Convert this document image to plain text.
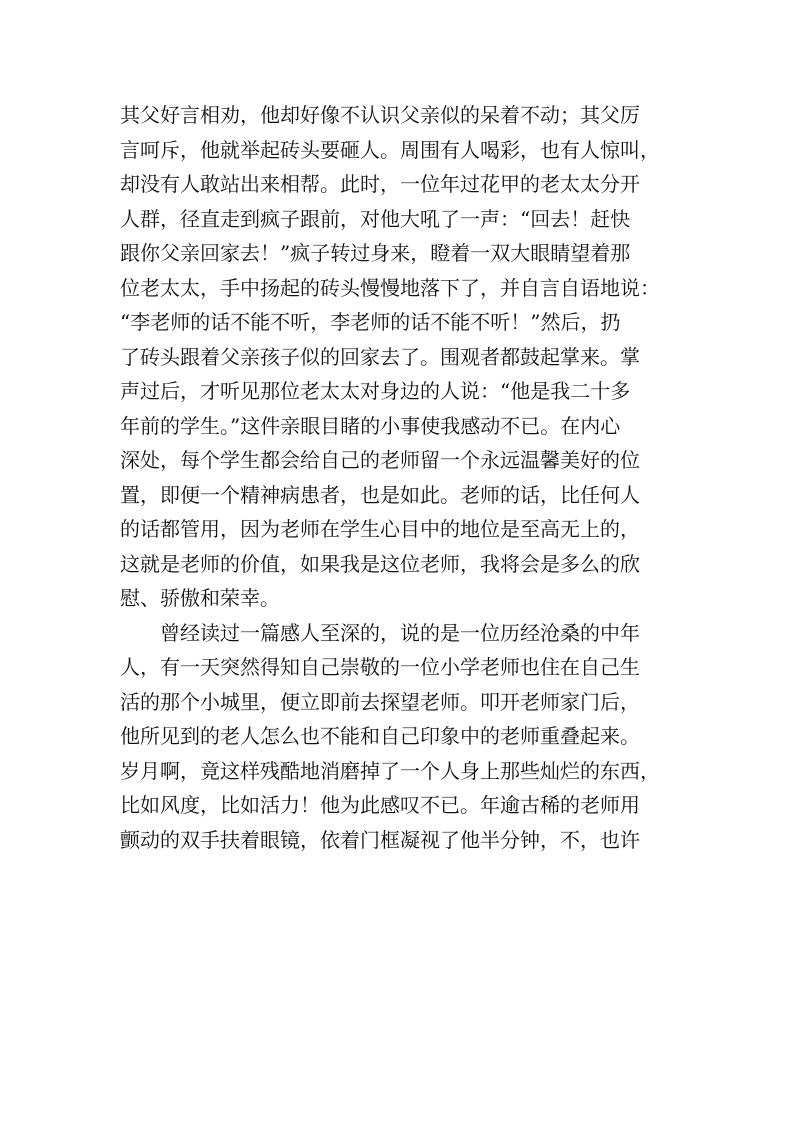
其父好言相劝，他却好像不认识父亲似的呆着不动；其父厉
言呵斥，他就举起砖头要砸人。周围有人喝彩，也有人惊叫，
却没有人敢站出来相帮。此时，一位年过花甲的老太太分开
人群，径直走到疯子跟前，对他大吼了一声：“回去！赶快
跟你父亲回家去！”疯子转过身来，瞪着一双大眼睛望着那
位老太太，手中扬起的砖头慢慢地落下了，并自言自语地说：
“李老师的话不能不听，李老师的话不能不听！”然后，扔
了砖头跟着父亲孩子似的回家去了。围观者都鼓起掌来。掌
声过后，才听见那位老太太对身边的人说：“他是我二十多
年前的学生。”这件亲眼目睹的小事使我感动不已。在内心
深处，每个学生都会给自己的老师留一个永远温馨美好的位
置，即便一个精神病患者，也是如此。老师的话，比任何人
的话都管用，因为老师在学生心目中的地位是至高无上的，
这就是老师的价值，如果我是这位老师，我将会是多么的欣
慰、骄傲和荣幸。
曾经读过一篇感人至深的，说的是一位历经沧桑的中年
人，有一天突然得知自己崇敬的一位小学老师也住在自己生
活的那个小城里，便立即前去探望老师。叩开老师家门后，
他所见到的老人怎么也不能和自己印象中的老师重叠起来。
岁月啊，竟这样残酷地消磨掉了一个人身上那些灿烂的东西，
比如风度，比如活力！他为此感叹不已。年逾古稀的老师用
颤动的双手扶着眼镜，依着门框凝视了他半分钟，不，也许
